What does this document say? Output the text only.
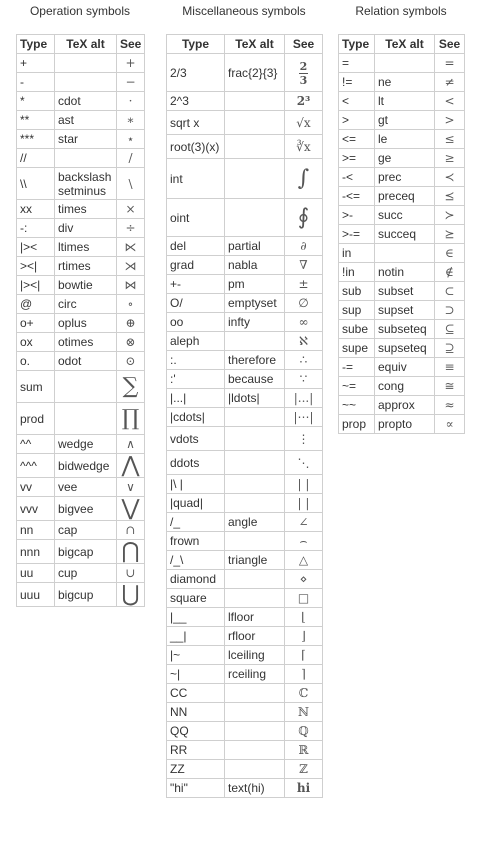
Operation symbols
Type	TeX alt	See
+		+
-		−
*	cdot	·
**	ast	∗
***	star	⋆
//		/
\\	backslash setminus	\
xx	times	×
-:	div	÷
|><	ltimes	⋉
><|	rtimes	⋊
|><|	bowtie	⋈
@	circ	∘
o+	oplus	⊕
ox	otimes	⊗
o.	odot	⊙
sum		∑
prod		∏
^^	wedge	∧
^^^	bidwedge	⋀
vv	vee	∨
vvv	bigvee	⋁
nn	cap	∩
nnn	bigcap	⋂
uu	cup	∪
uuu	bigcup	⋃
Miscellaneous symbols
Type	TeX alt	See
2/3	frac{2}{3}	$\frac{2}{3}$

2^3		2³
sqrt x		√x
root(3)(x)		∛x
int		∫
oint		∮
del	partial	∂
grad	nabla	∇
+-	pm	±
O/	emptyset	∅
oo	infty	∞
aleph		ℵ
:.	therefore	∴
:'	because	∵
|...|	|ldots|	|...|
|cdots|		|⋯|
vdots		⋮
ddots		⋱
|\ |		| |
|quad|		| |
/_	angle	∠
frown		⌢
/_\	triangle	△
diamond		⋄
square		□
|__	lfloor	⌊
__|	rfloor	⌋
|~	lceiling	⌈
~|	rceiling	⌉
CC		ℂ
NN		ℕ
QQ		ℚ
RR		ℝ
ZZ		ℤ
"hi"	text(hi)	hi
Relation symbols
Type	TeX alt	See
=		=
!=	ne	≠
<	lt	<
>	gt	>
<=	le	≤
>=	ge	≥
-<	prec	≺
-<=	preceq	⪯
>-	succ	≻
>-=	succeq	⪰
in		∈
!in	notin	∉
sub	subset	⊂
sup	supset	⊃
sube	subseteq	⊆
supe	supseteq	⊇
-=	equiv	≡
~=	cong	≅
~~	approx	≈
prop	propto	∝
